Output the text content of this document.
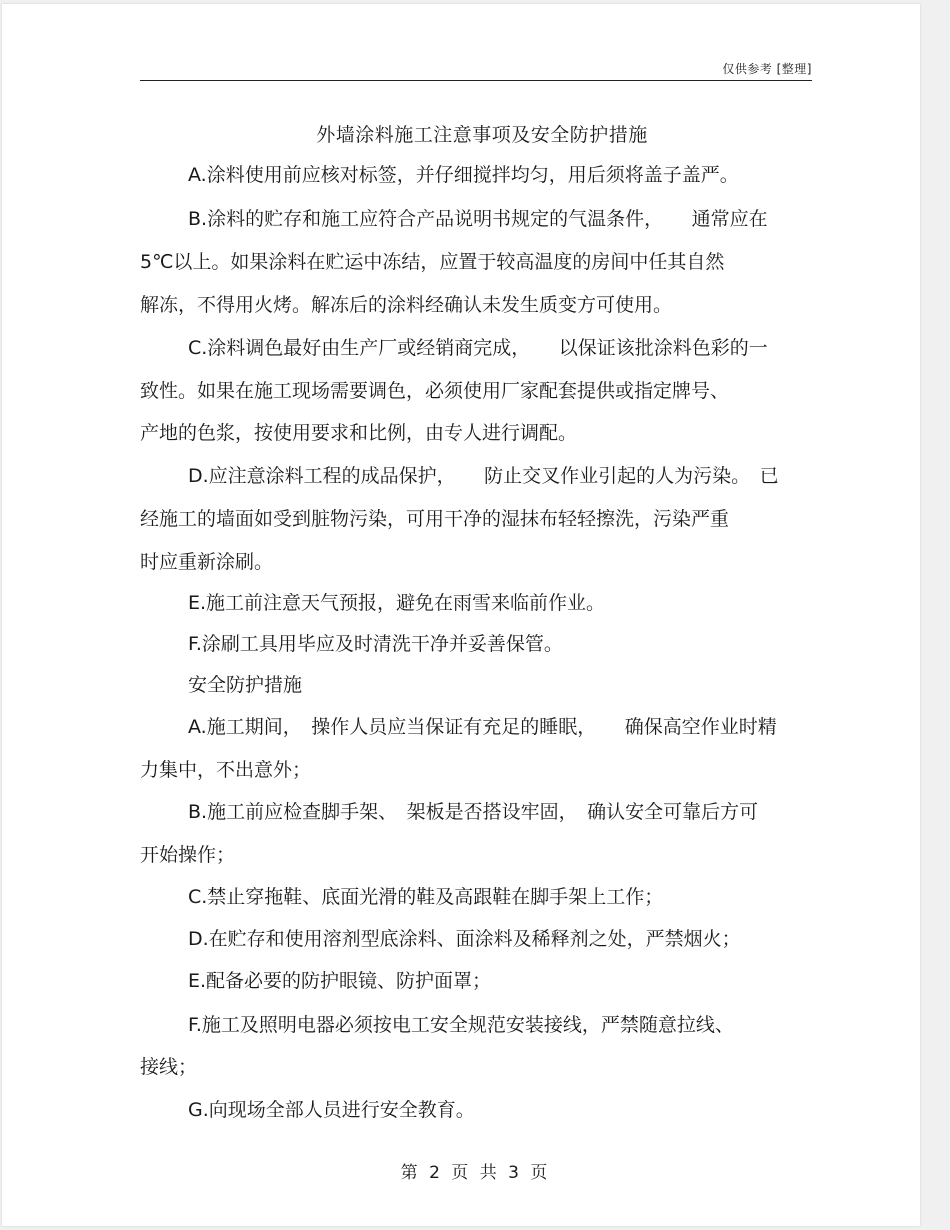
仅供参考 [整理]
外墙涂料施工注意事项及安全防护措施
A.涂料使用前应核对标签，并仔细搅拌均匀，用后须将盖子盖严。
B.涂料的贮存和施工应符合产品说明书规定的气温条件，　　通常应在
5℃以上。如果涂料在贮运中冻结，应置于较高温度的房间中任其自然
解冻，不得用火烤。解冻后的涂料经确认未发生质变方可使用。
C.涂料调色最好由生产厂或经销商完成，　　以保证该批涂料色彩的一
致性。如果在施工现场需要调色，必须使用厂家配套提供或指定牌号、
产地的色浆，按使用要求和比例，由专人进行调配。
D.应注意涂料工程的成品保护，　　防止交叉作业引起的人为污染。　已
经施工的墙面如受到脏物污染，可用干净的湿抹布轻轻擦洗，污染严重
时应重新涂刷。
E.施工前注意天气预报，避免在雨雪来临前作业。
F.涂刷工具用毕应及时清洗干净并妥善保管。
安全防护措施
A.施工期间，　操作人员应当保证有充足的睡眠，　　确保高空作业时精
力集中，不出意外；
B.施工前应检查脚手架、　架板是否搭设牢固，　确认安全可靠后方可
开始操作；
C.禁止穿拖鞋、底面光滑的鞋及高跟鞋在脚手架上工作；
D.在贮存和使用溶剂型底涂料、面涂料及稀释剂之处，严禁烟火；
E.配备必要的防护眼镜、防护面罩；
F.施工及照明电器必须按电工安全规范安装接线，严禁随意拉线、
接线；
G.向现场全部人员进行安全教育。
第 2 页 共 3 页
